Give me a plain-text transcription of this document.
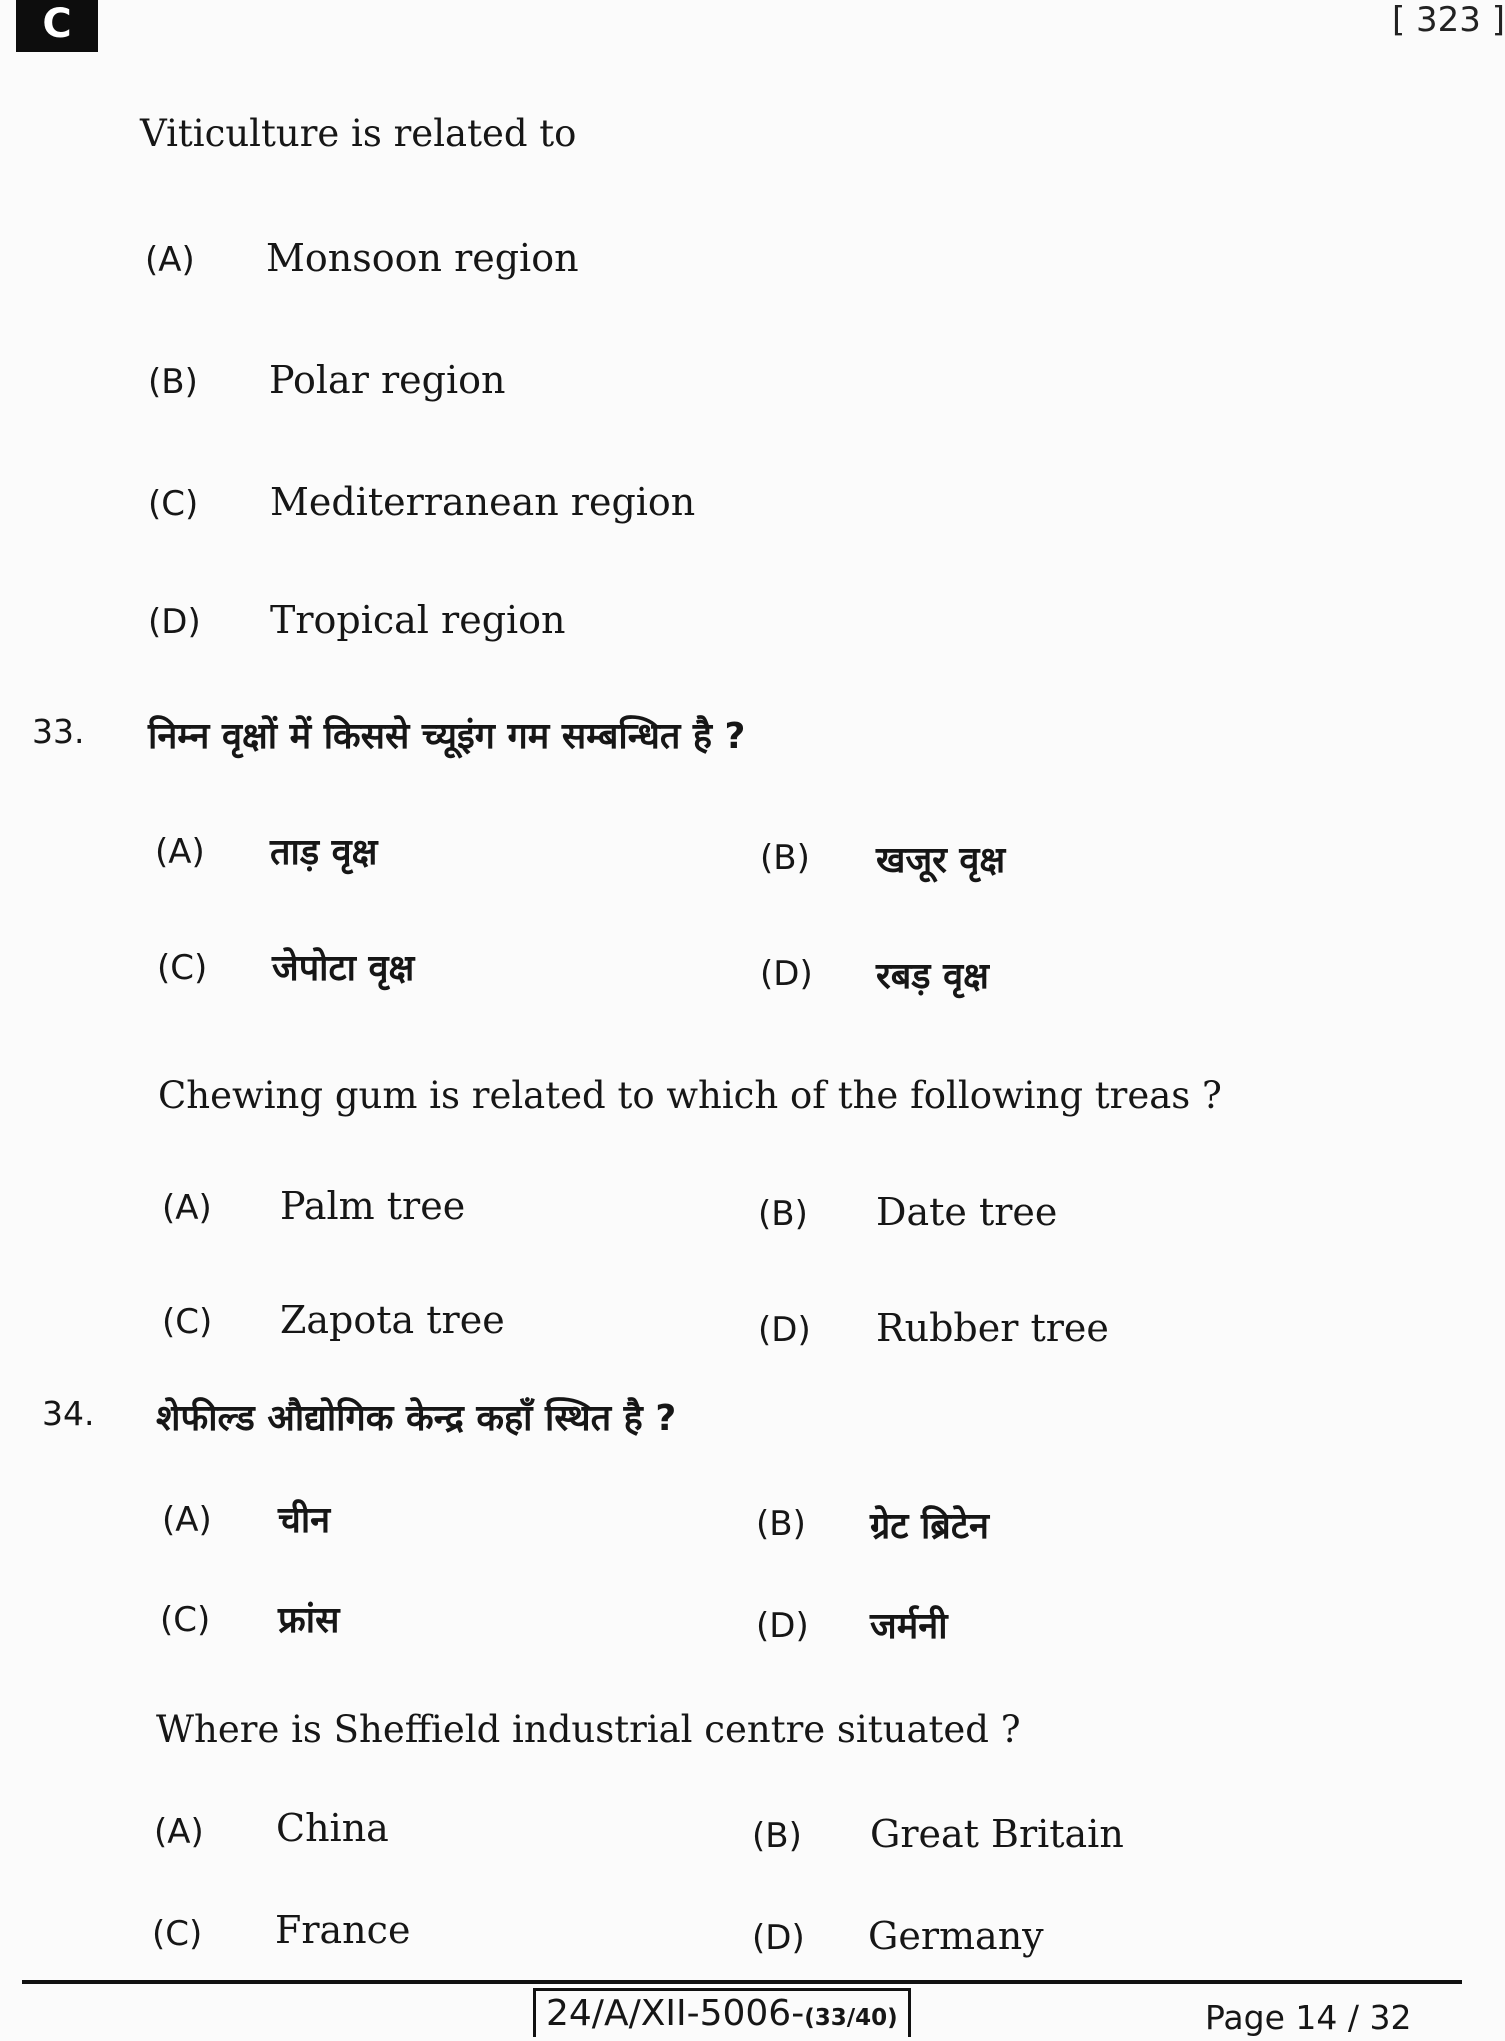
C	[ 323 ]
Viticulture is related to
(A) Monsoon region
(B) Polar region
(C) Mediterranean region
(D) Tropical region
33. निम्न वृक्षों में किससे च्यूइंग गम सम्बन्धित है ?
(A) ताड़ वृक्ष	(B) खजूर वृक्ष
(C) जेपोटा वृक्ष	(D) रबड़ वृक्ष
Chewing gum is related to which of the following treas ?
(A) Palm tree	(B) Date tree
(C) Zapota tree	(D) Rubber tree
34. शेफील्ड औद्योगिक केन्द्र कहाँ स्थित है ?
(A) चीन	(B) ग्रेट ब्रिटेन
(C) फ्रांस	(D) जर्मनी
Where is Sheffield industrial centre situated ?
(A) China	(B) Great Britain
(C) France	(D) Germany
24/A/XII-5006-(33/40)	Page 14 / 32
